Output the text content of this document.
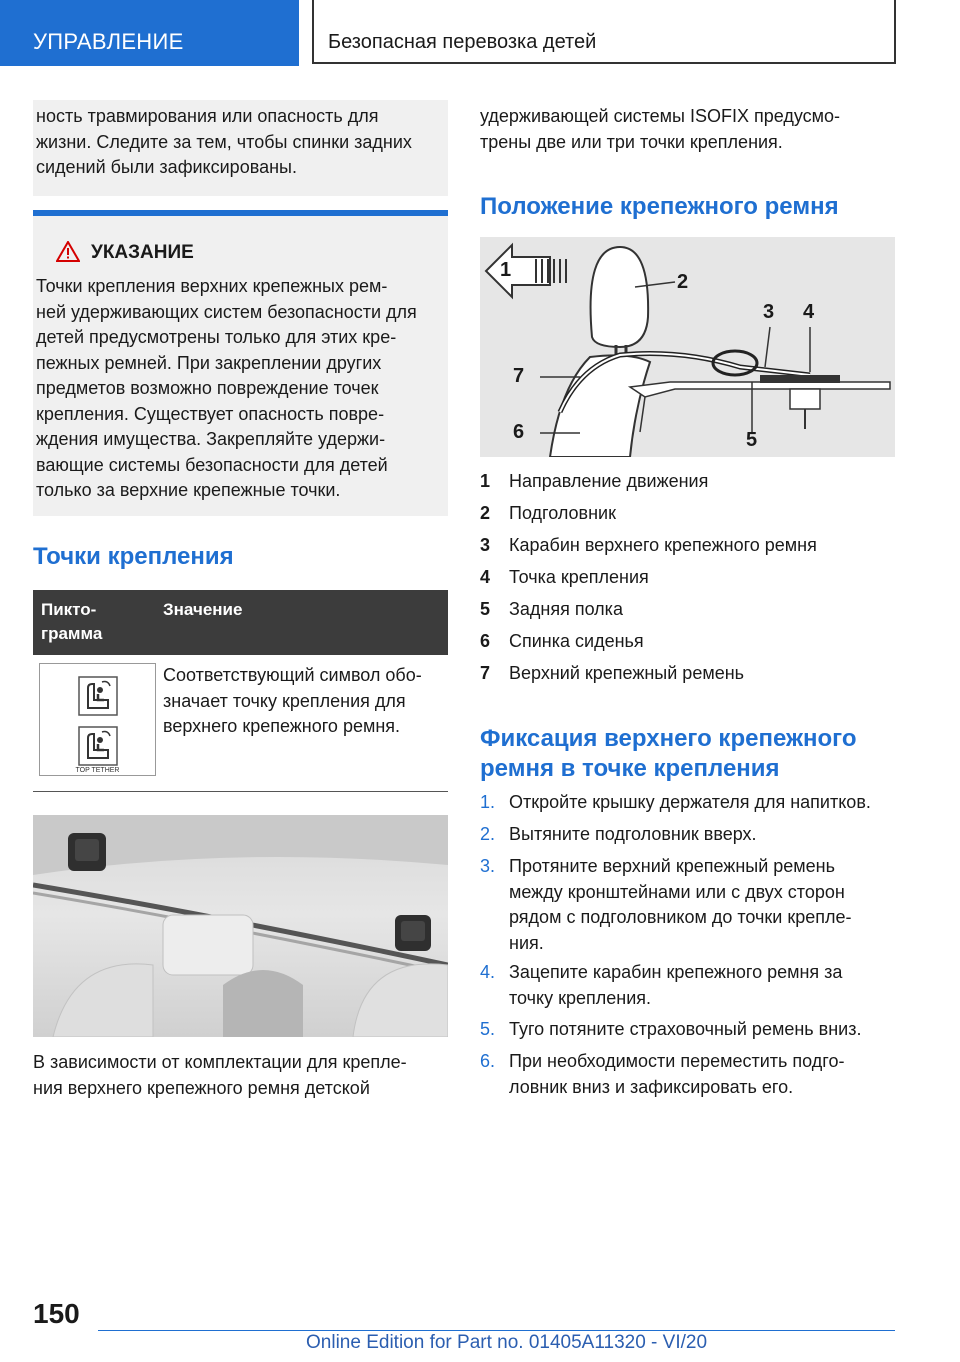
УПРАВЛЕНИЕ	Безопасная перевозка детей
ность травмирования или опасность для
жизни. Следите за тем, чтобы спинки задних
сидений были зафиксированы.
УКАЗАНИЕ
Точки крепления верхних крепежных рем-
ней удерживающих систем безопасности для
детей предусмотрены только для этих кре-
пежных ремней. При закреплении других
предметов возможно повреждение точек
крепления. Существует опасность повре-
ждения имущества. Закрепляйте удержи-
вающие системы безопасности для детей
только за верхние крепежные точки.
Точки крепления
Пикто-грамма
Значение
TOP TETHER
Соответствующий символ обо-
значает точку крепления для
верхнего крепежного ремня.
В зависимости от комплектации для крепле-
ния верхнего крепежного ремня детской
удерживающей системы ISOFIX предусмо-
трены две или три точки крепления.
Положение крепежного ремня
1
2
3 4
5
6
7
1 Направление движения
2 Подголовник
3 Карабин верхнего крепежного ремня
4 Точка крепления
5 Задняя полка
6 Спинка сиденья
7 Верхний крепежный ремень
Фиксация верхнего крепежного
ремня в точке крепления
1. Откройте крышку держателя для напитков.
2. Вытяните подголовник вверх.
3. Протяните верхний крепежный ремень
между кронштейнами или с двух сторон
рядом с подголовником до точки крепле-
ния.
4. Зацепите карабин крепежного ремня за
точку крепления.
5. Туго потяните страховочный ремень вниз.
6. При необходимости переместить подго-
ловник вниз и зафиксировать его.
150
Online Edition for Part no. 01405A11320 - VI/20
